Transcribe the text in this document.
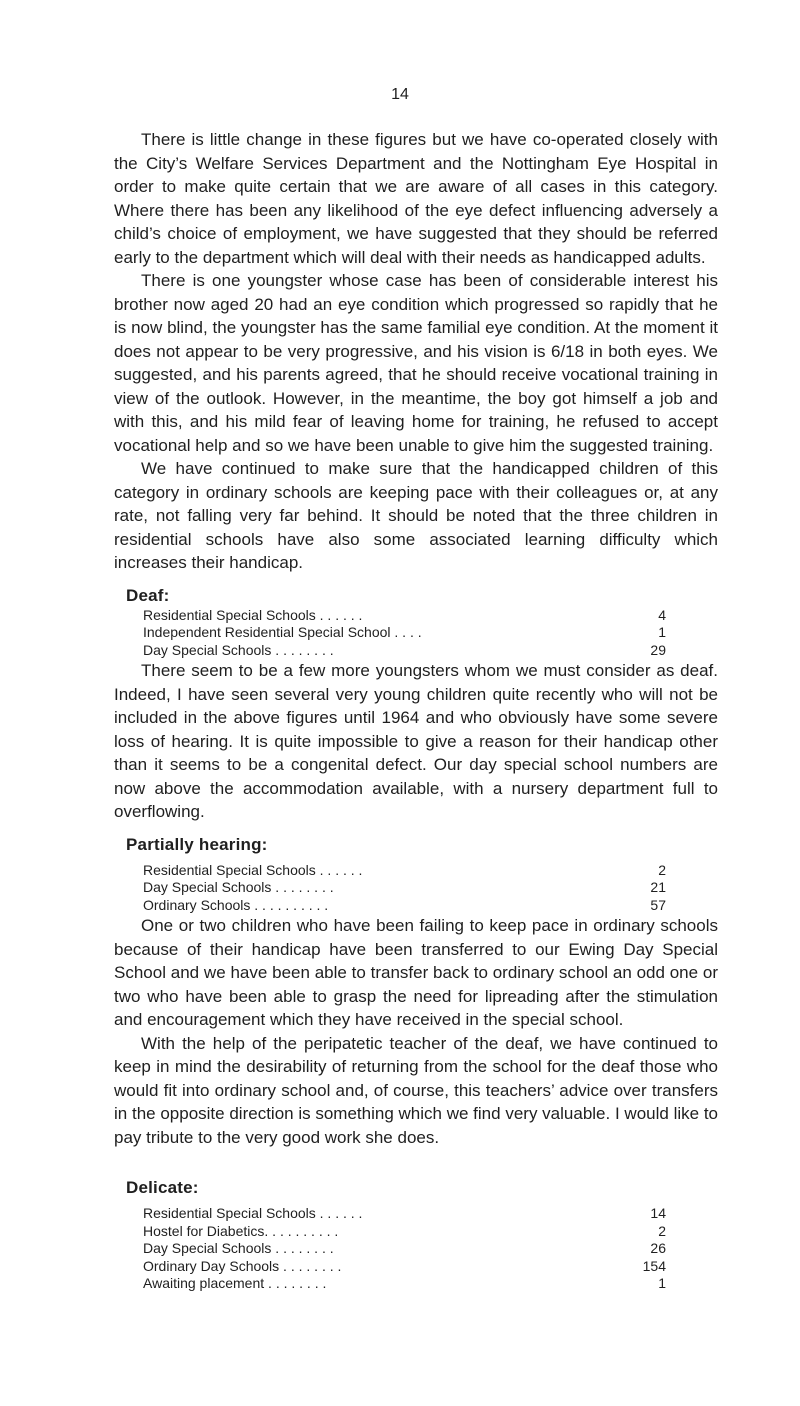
14

There is little change in these figures but we have co-operated closely with the City’s Welfare Services Department and the Nottingham Eye Hospital in order to make quite certain that we are aware of all cases in this category. Where there has been any likelihood of the eye defect influencing adversely a child’s choice of employment, we have suggested that they should be referred early to the department which will deal with their needs as handicapped adults.

There is one youngster whose case has been of considerable interest his brother now aged 20 had an eye condition which progressed so rapidly that he is now blind, the youngster has the same familial eye condition. At the moment it does not appear to be very progressive, and his vision is 6/18 in both eyes. We suggested, and his parents agreed, that he should receive vocational training in view of the outlook. However, in the meantime, the boy got himself a job and with this, and his mild fear of leaving home for training, he refused to accept vocational help and so we have been unable to give him the suggested training.

We have continued to make sure that the handicapped children of this category in ordinary schools are keeping pace with their colleagues or, at any rate, not falling very far behind. It should be noted that the three children in residential schools have also some associated learning difficulty which increases their handicap.

Deaf:

Residential Special Schools . . . . . .	4
Independent Residential Special School . . . .	1
Day Special Schools . . . . . . . .	29

There seem to be a few more youngsters whom we must consider as deaf. Indeed, I have seen several very young children quite recently who will not be included in the above figures until 1964 and who obviously have some severe loss of hearing. It is quite impossible to give a reason for their handicap other than it seems to be a congenital defect. Our day special school numbers are now above the accommodation available, with a nursery department full to overflowing.

Partially hearing:

Residential Special Schools . . . . . .	2
Day Special Schools . . . . . . . .	21
Ordinary Schools . . . . . . . . . .	57

One or two children who have been failing to keep pace in ordinary schools because of their handicap have been transferred to our Ewing Day Special School and we have been able to transfer back to ordinary school an odd one or two who have been able to grasp the need for lipreading after the stimulation and encouragement which they have received in the special school.

With the help of the peripatetic teacher of the deaf, we have continued to keep in mind the desirability of returning from the school for the deaf those who would fit into ordinary school and, of course, this teachers’ advice over transfers in the opposite direction is something which we find very valuable. I would like to pay tribute to the very good work she does.

Delicate:

Residential Special Schools . . . . . .	14
Hostel for Diabetics. . . . . . . . . .	2
Day Special Schools . . . . . . . .	26
Ordinary Day Schools . . . . . . . .	154
Awaiting placement . . . . . . . .	1
